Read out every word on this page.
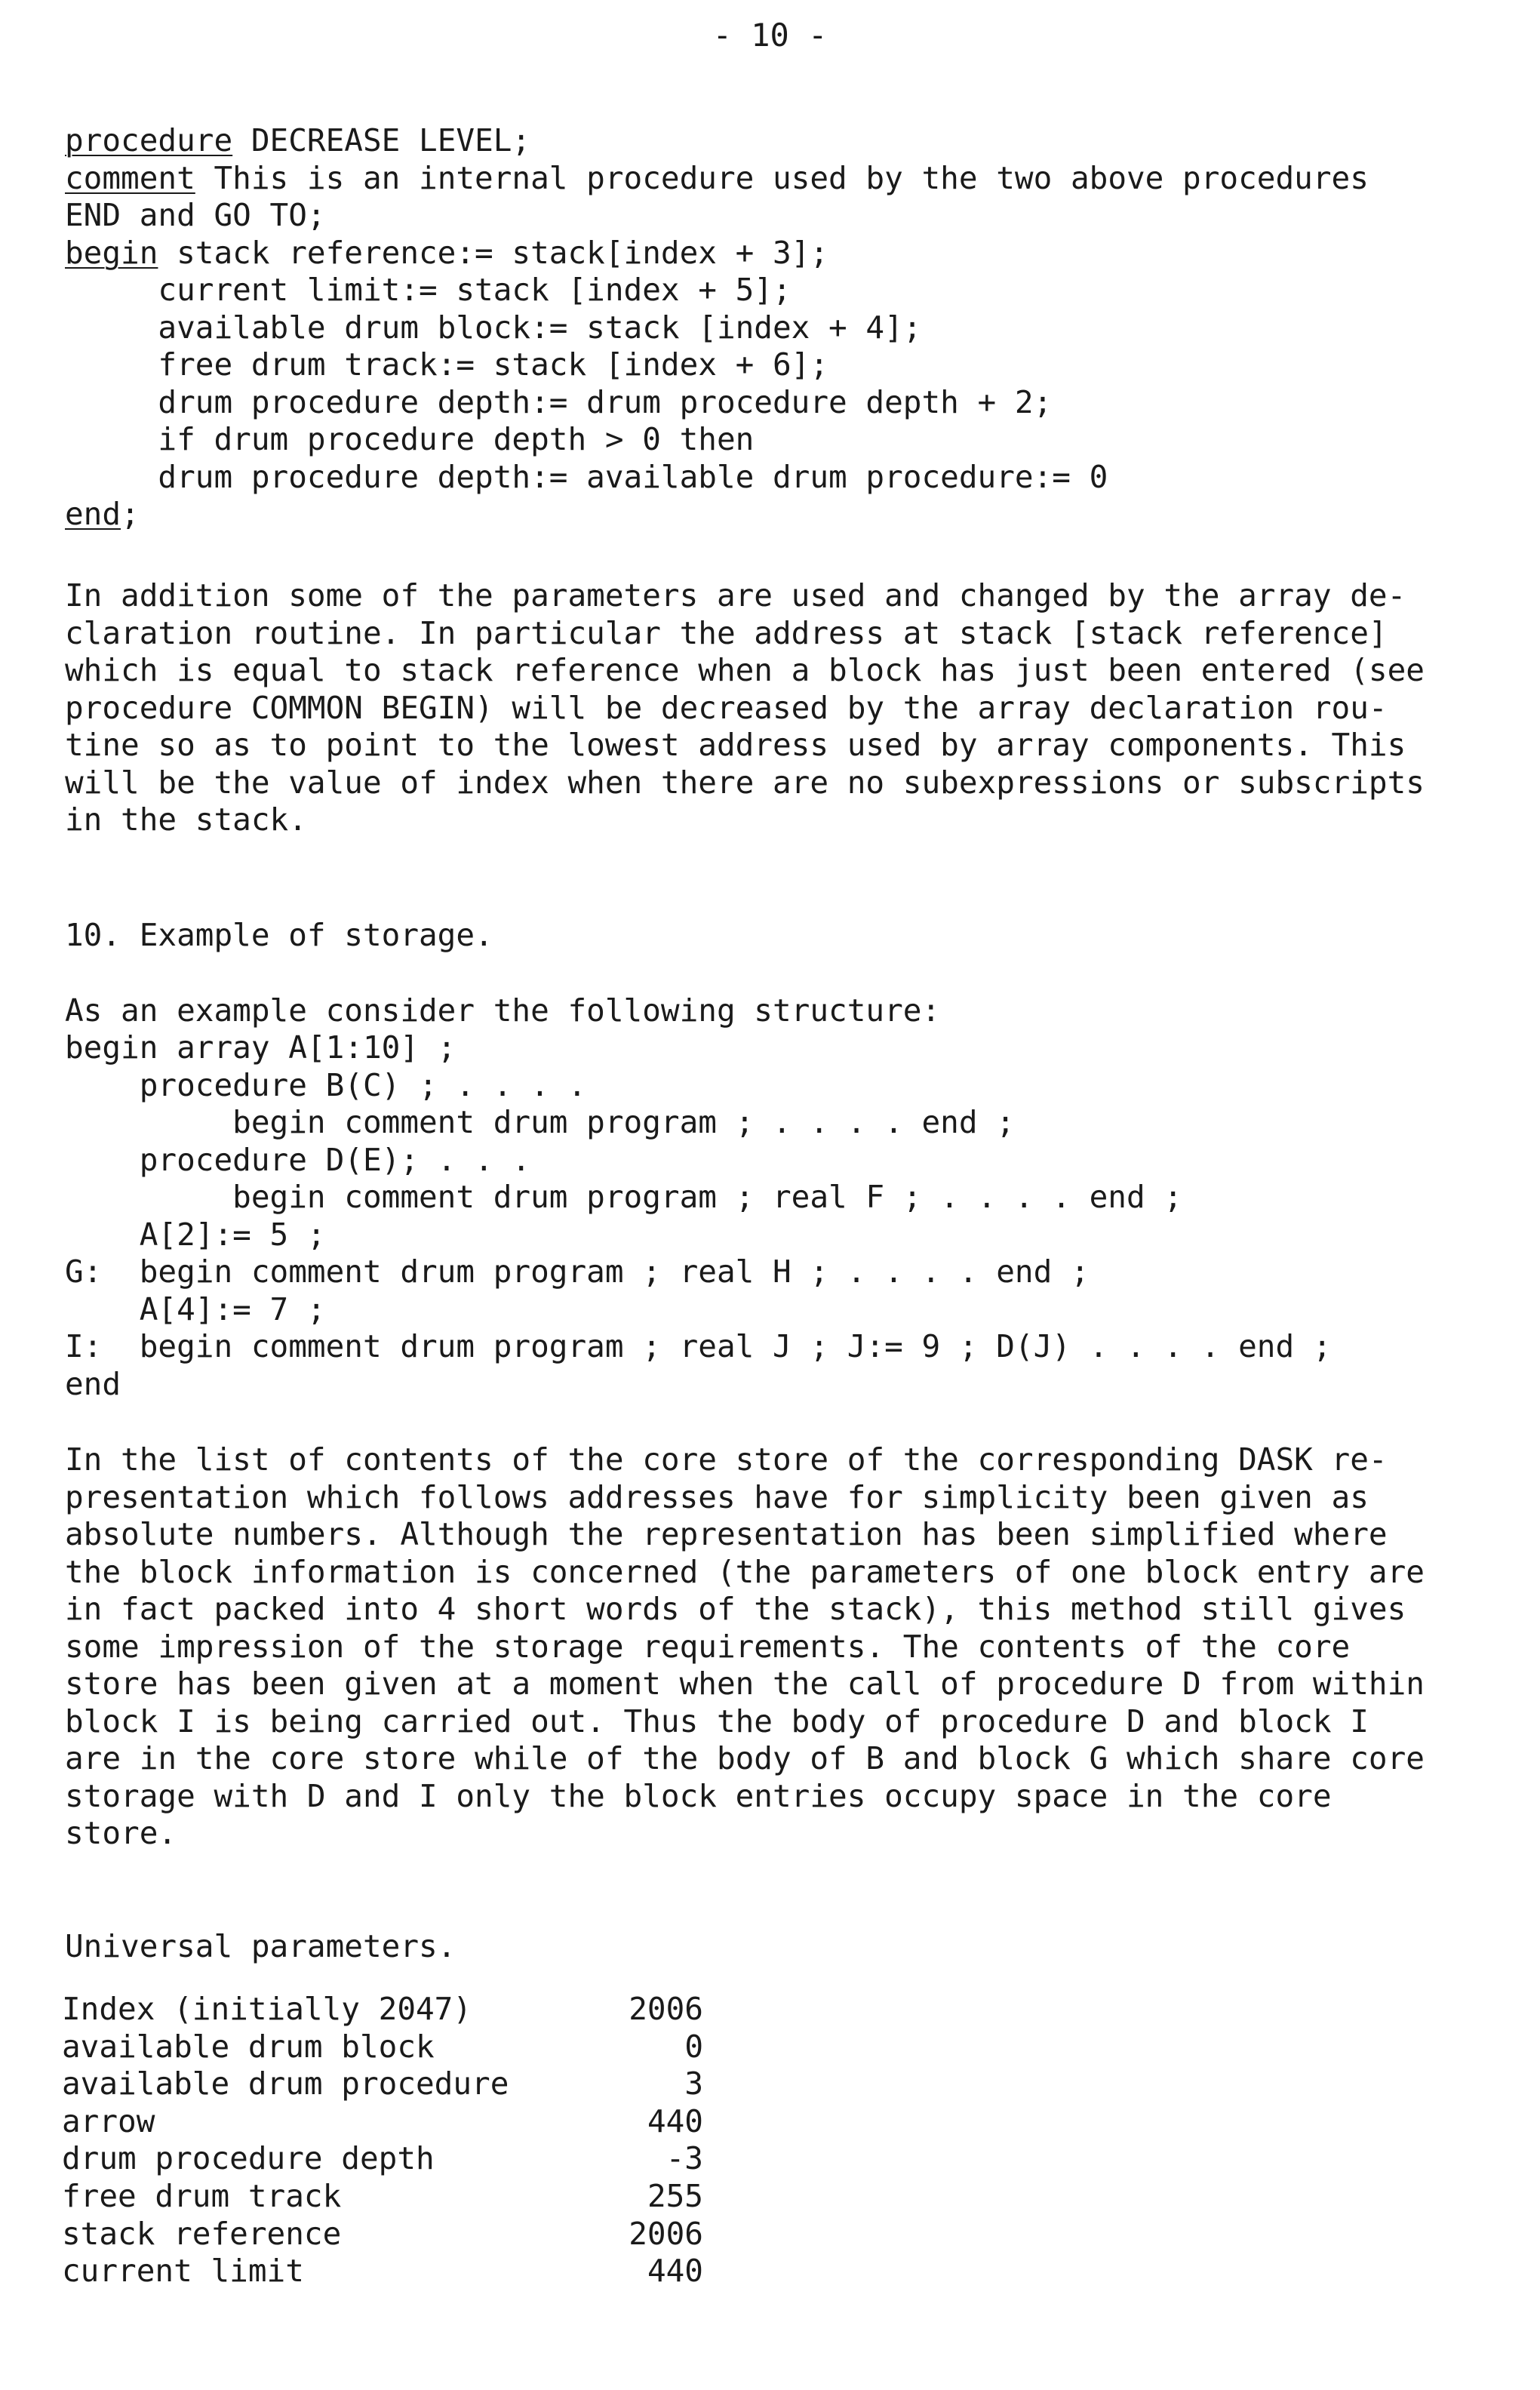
- 10 -
procedure DECREASE LEVEL;
comment This is an internal procedure used by the two above procedures
END and GO TO;
begin stack reference:= stack[index + 3];
current limit:= stack [index + 5];
available drum block:= stack [index + 4];
free drum track:= stack [index + 6];
drum procedure depth:= drum procedure depth + 2;
if drum procedure depth > 0 then
drum procedure depth:= available drum procedure:= 0
end;
In addition some of the parameters are used and changed by the array de-
claration routine. In particular the address at stack [stack reference]
which is equal to stack reference when a block has just been entered (see
procedure COMMON BEGIN) will be decreased by the array declaration rou-
tine so as to point to the lowest address used by array components. This
will be the value of index when there are no subexpressions or subscripts
in the stack.
10. Example of storage.
As an example consider the following structure:
begin array A[1:10] ;
procedure B(C) ; . . . .
begin comment drum program ; . . . . end ;
procedure D(E); . . .
begin comment drum program ; real F ; . . . . end ;
A[2]:= 5 ;
G:  begin comment drum program ; real H ; . . . . end ;
A[4]:= 7 ;
I:  begin comment drum program ; real J ; J:= 9 ; D(J) . . . . end ;
end
In the list of contents of the core store of the corresponding DASK re-
presentation which follows addresses have for simplicity been given as
absolute numbers. Although the representation has been simplified where
the block information is concerned (the parameters of one block entry are
in fact packed into 4 short words of the stack), this method still gives
some impression of the storage requirements. The contents of the core
store has been given at a moment when the call of procedure D from within
block I is being carried out. Thus the body of procedure D and block I
are in the core store while of the body of B and block G which share core
storage with D and I only the block entries occupy space in the core
store.
Universal parameters.
Index (initially 2047)	2006
available drum block	0
available drum procedure	3
arrow	440
drum procedure depth	-3
free drum track	255
stack reference	2006
current limit	440
